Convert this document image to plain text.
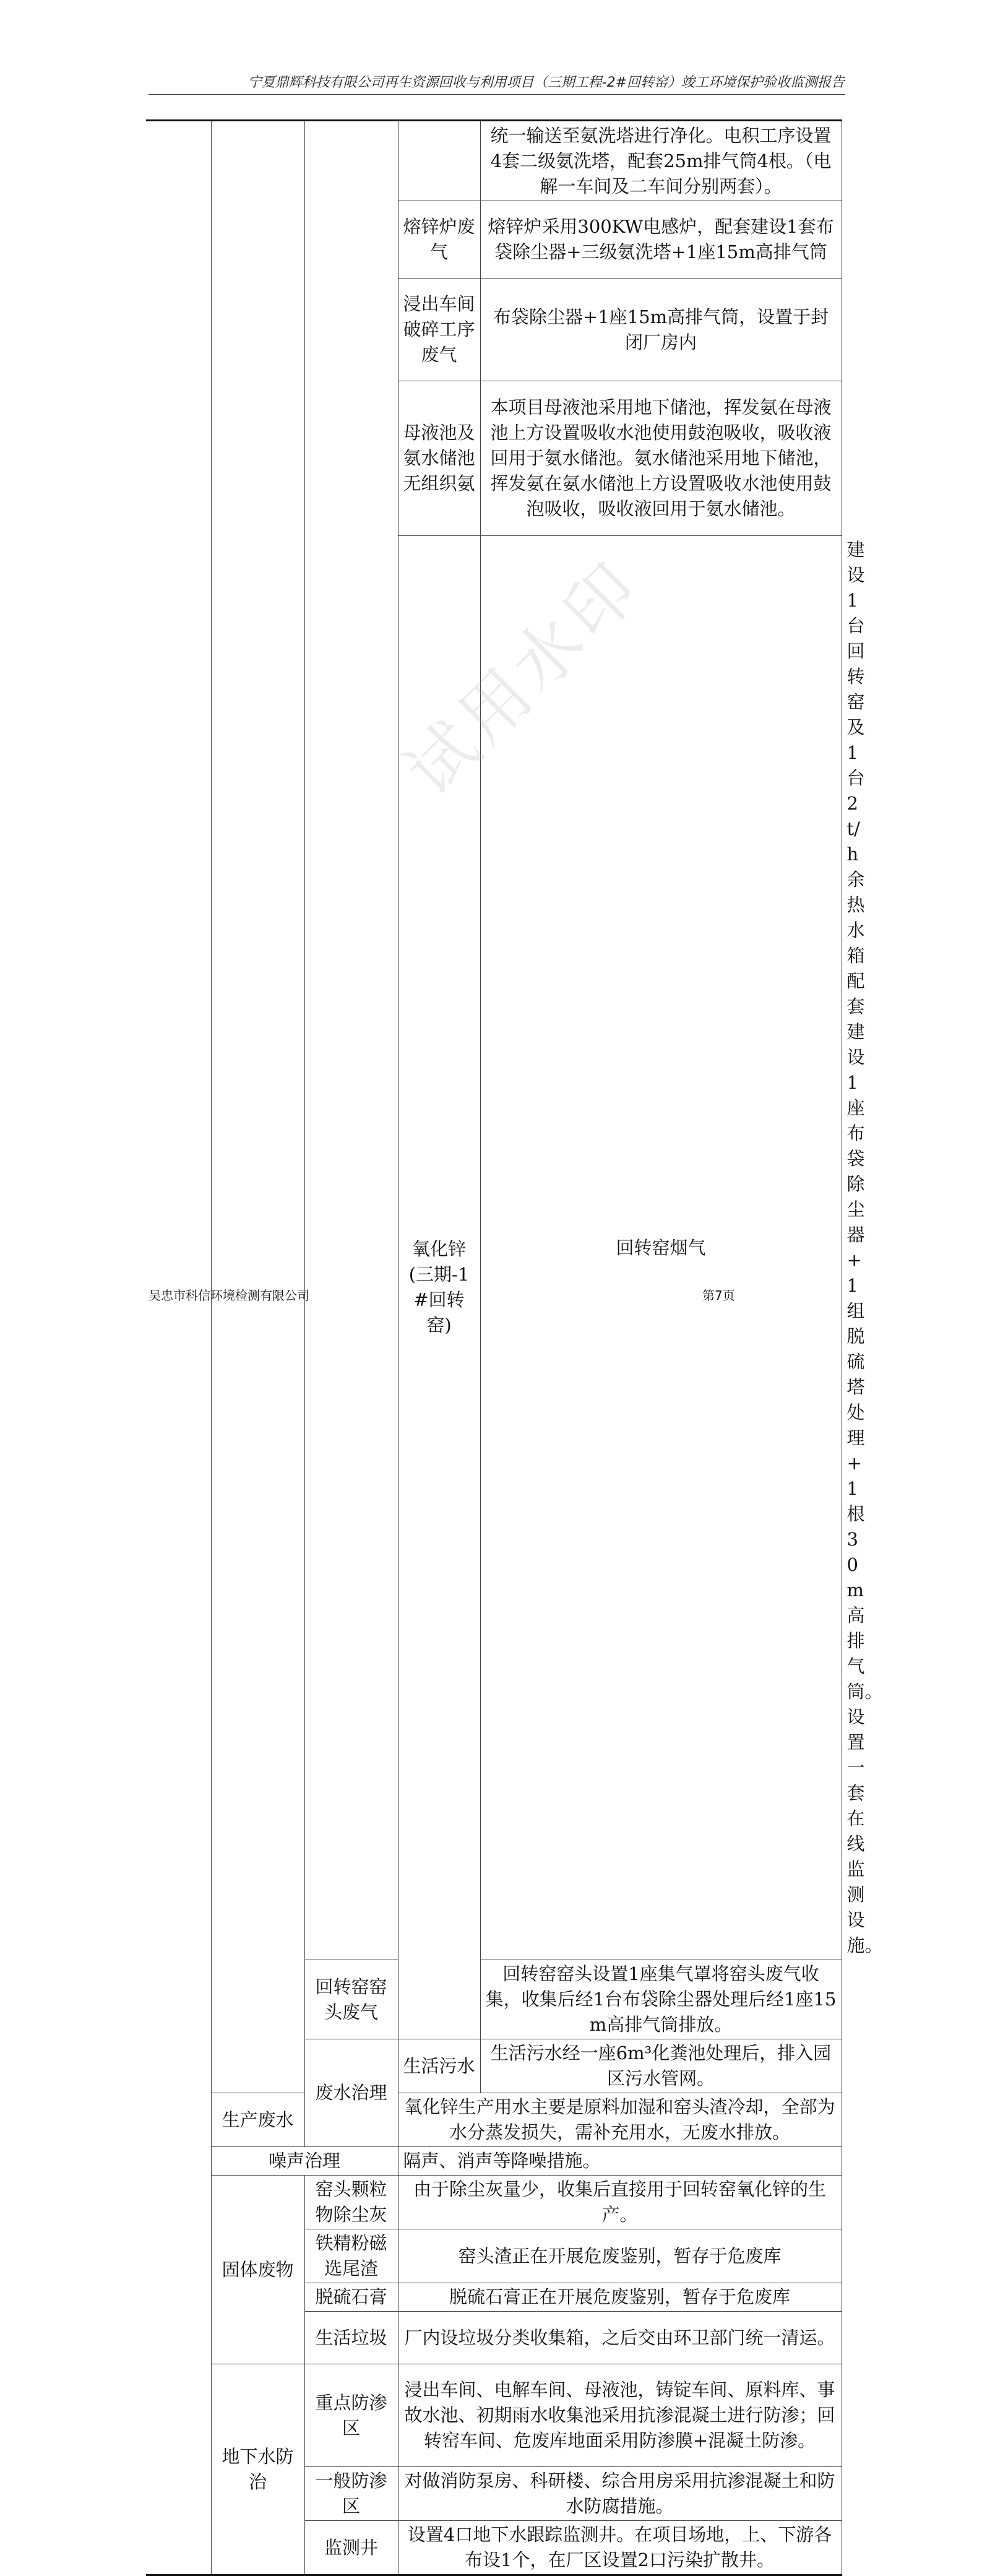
宁夏鼎辉科技有限公司再生资源回收与利用项目（三期工程-2#回转窑）竣工环境保护验收监测报告
				统一输送至氨洗塔进行净化。电积工序设置4套二级氨洗塔，配套25m排气筒4根。（电解一车间及二车间分别两套）。	
			熔锌炉废气	熔锌炉采用300KW电感炉，配套建设1套布袋除尘器+三级氨洗塔+1座15m高排气筒	
			浸出车间破碎工序废气	布袋除尘器+1座15m高排气筒，设置于封闭厂房内	
			母液池及氨水储池无组织氨	本项目母液池采用地下储池，挥发氨在母液池上方设置吸收水池使用鼓泡吸收，吸收液回用于氨水储池。氨水储池采用地下储池，挥发氨在氨水储池上方设置吸收水池使用鼓泡吸收，吸收液回用于氨水储池。	
			氧化锌(三期-1#回转窑)	回转窑烟气	建设1台回转窑及1台2t/h余热水箱配套建设1座布袋除尘器+1组脱硫塔处理+1根30m高排气筒。设置一套在线监测设施。
		回转窑窑头废气		回转窑窑头设置1座集气罩将窑头废气收集，收集后经1台布袋除尘器处理后经1座15m高排气筒排放。	
		废水治理	生活污水	生活污水经一座6m³化粪池处理后，排入园区污水管网。	
	生产废水		氧化锌生产用水主要是原料加湿和窑头渣冷却，全部为水分蒸发损失，需补充用水，无废水排放。		
	噪声治理		隔声、消声等降噪措施。		
	固体废物	窑头颗粒物除尘灰	由于除尘灰量少，收集后直接用于回转窑氧化锌的生产。		
		铁精粉磁选尾渣	窑头渣正在开展危废鉴别，暂存于危废库		
		脱硫石膏	脱硫石膏正在开展危废鉴别，暂存于危废库		
		生活垃圾	厂内设垃圾分类收集箱，之后交由环卫部门统一清运。		
	地下水防治	重点防渗区	浸出车间、电解车间、母液池，铸锭车间、原料库、事故水池、初期雨水收集池采用抗渗混凝土进行防渗；回转窑车间、危废库地面采用防渗膜+混凝土防渗。		
		一般防渗区	对做消防泵房、科研楼、综合用房采用抗渗混凝土和防水防腐措施。		
		监测井	设置4口地下水跟踪监测井。在项目场地，上、下游各布设1个，在厂区设置2口污染扩散井。		
试用水印
吴忠市科信环境检测有限公司	第7页
